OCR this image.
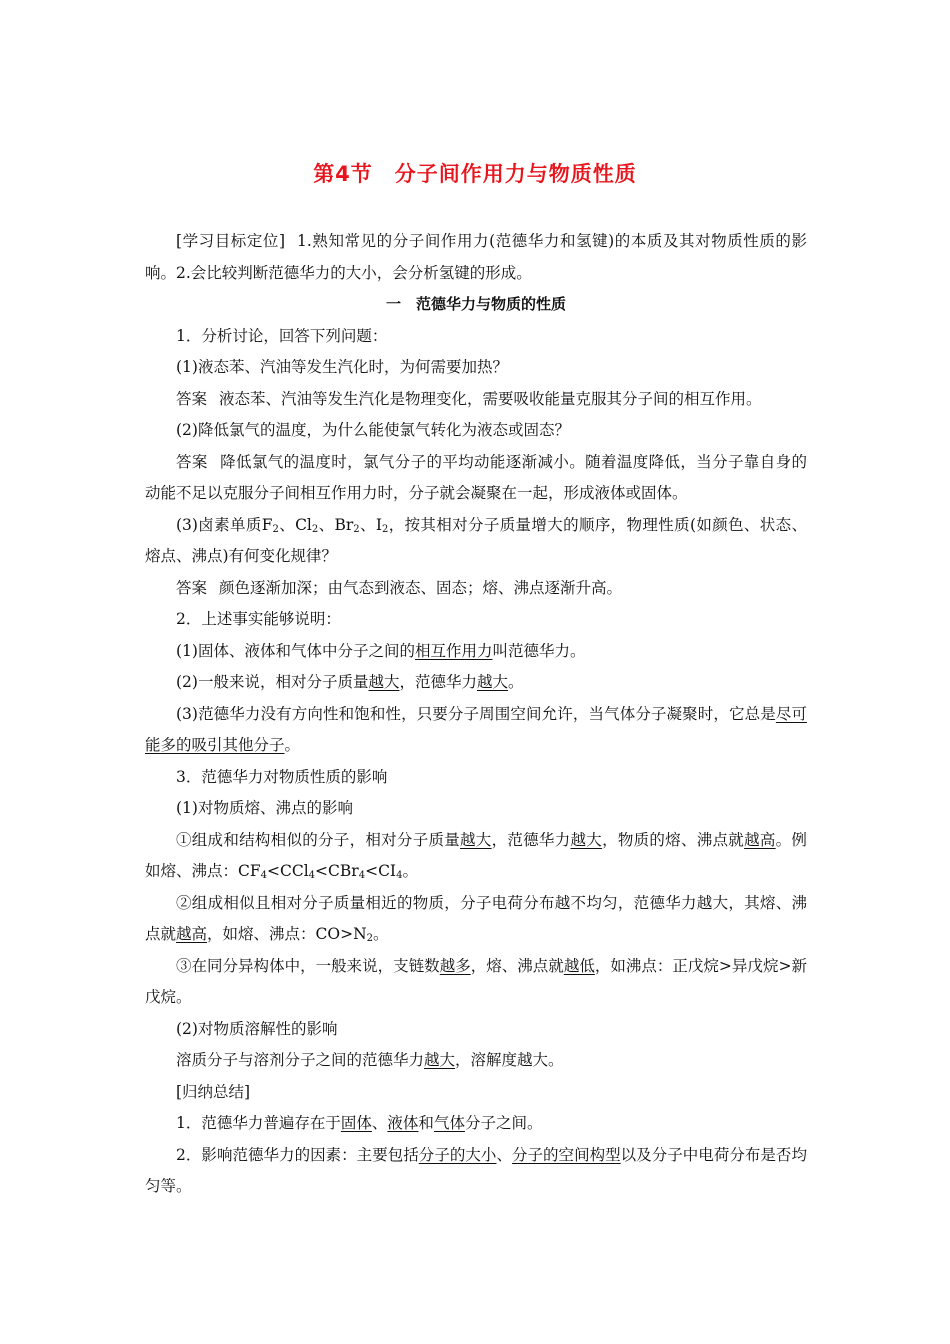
第4节　分子间作用力与物质性质

[学习目标定位] 1.熟知常见的分子间作用力(范德华力和氢键)的本质及其对物质性质的影响。2.会比较判断范德华力的大小，会分析氢键的形成。

一　范德华力与物质的性质

1．分析讨论，回答下列问题：

(1)液态苯、汽油等发生汽化时，为何需要加热？

答案 液态苯、汽油等发生汽化是物理变化，需要吸收能量克服其分子间的相互作用。

(2)降低氯气的温度，为什么能使氯气转化为液态或固态？

答案 降低氯气的温度时，氯气分子的平均动能逐渐减小。随着温度降低，当分子靠自身的动能不足以克服分子间相互作用力时，分子就会凝聚在一起，形成液体或固体。

(3)卤素单质$F_2$、$Cl_2$、$Br_2$、$I_2$，按其相对分子质量增大的顺序，物理性质(如颜色、状态、熔点、沸点)有何变化规律？

答案 颜色逐渐加深；由气态到液态、固态；熔、沸点逐渐升高。

2．上述事实能够说明：

(1)固体、液体和气体中分子之间的相互作用力叫范德华力。

(2)一般来说，相对分子质量越大，范德华力越大。

(3)范德华力没有方向性和饱和性，只要分子周围空间允许，当气体分子凝聚时，它总是尽可能多的吸引其他分子。

3．范德华力对物质性质的影响

(1)对物质熔、沸点的影响

①组成和结构相似的分子，相对分子质量越大，范德华力越大，物质的熔、沸点就越高。例如熔、沸点：$CF_4<CCl_4<CBr_4<CI_4$。

②组成相似且相对分子质量相近的物质，分子电荷分布越不均匀，范德华力越大，其熔、沸点就越高，如熔、沸点：$CO>N_2$。

③在同分异构体中，一般来说，支链数越多，熔、沸点就越低，如沸点：正戊烷>异戊烷>新戊烷。

(2)对物质溶解性的影响

溶质分子与溶剂分子之间的范德华力越大，溶解度越大。

[归纳总结]

1．范德华力普遍存在于固体、液体和气体分子之间。

2．影响范德华力的因素：主要包括分子的大小、分子的空间构型以及分子中电荷分布是否均匀等。
